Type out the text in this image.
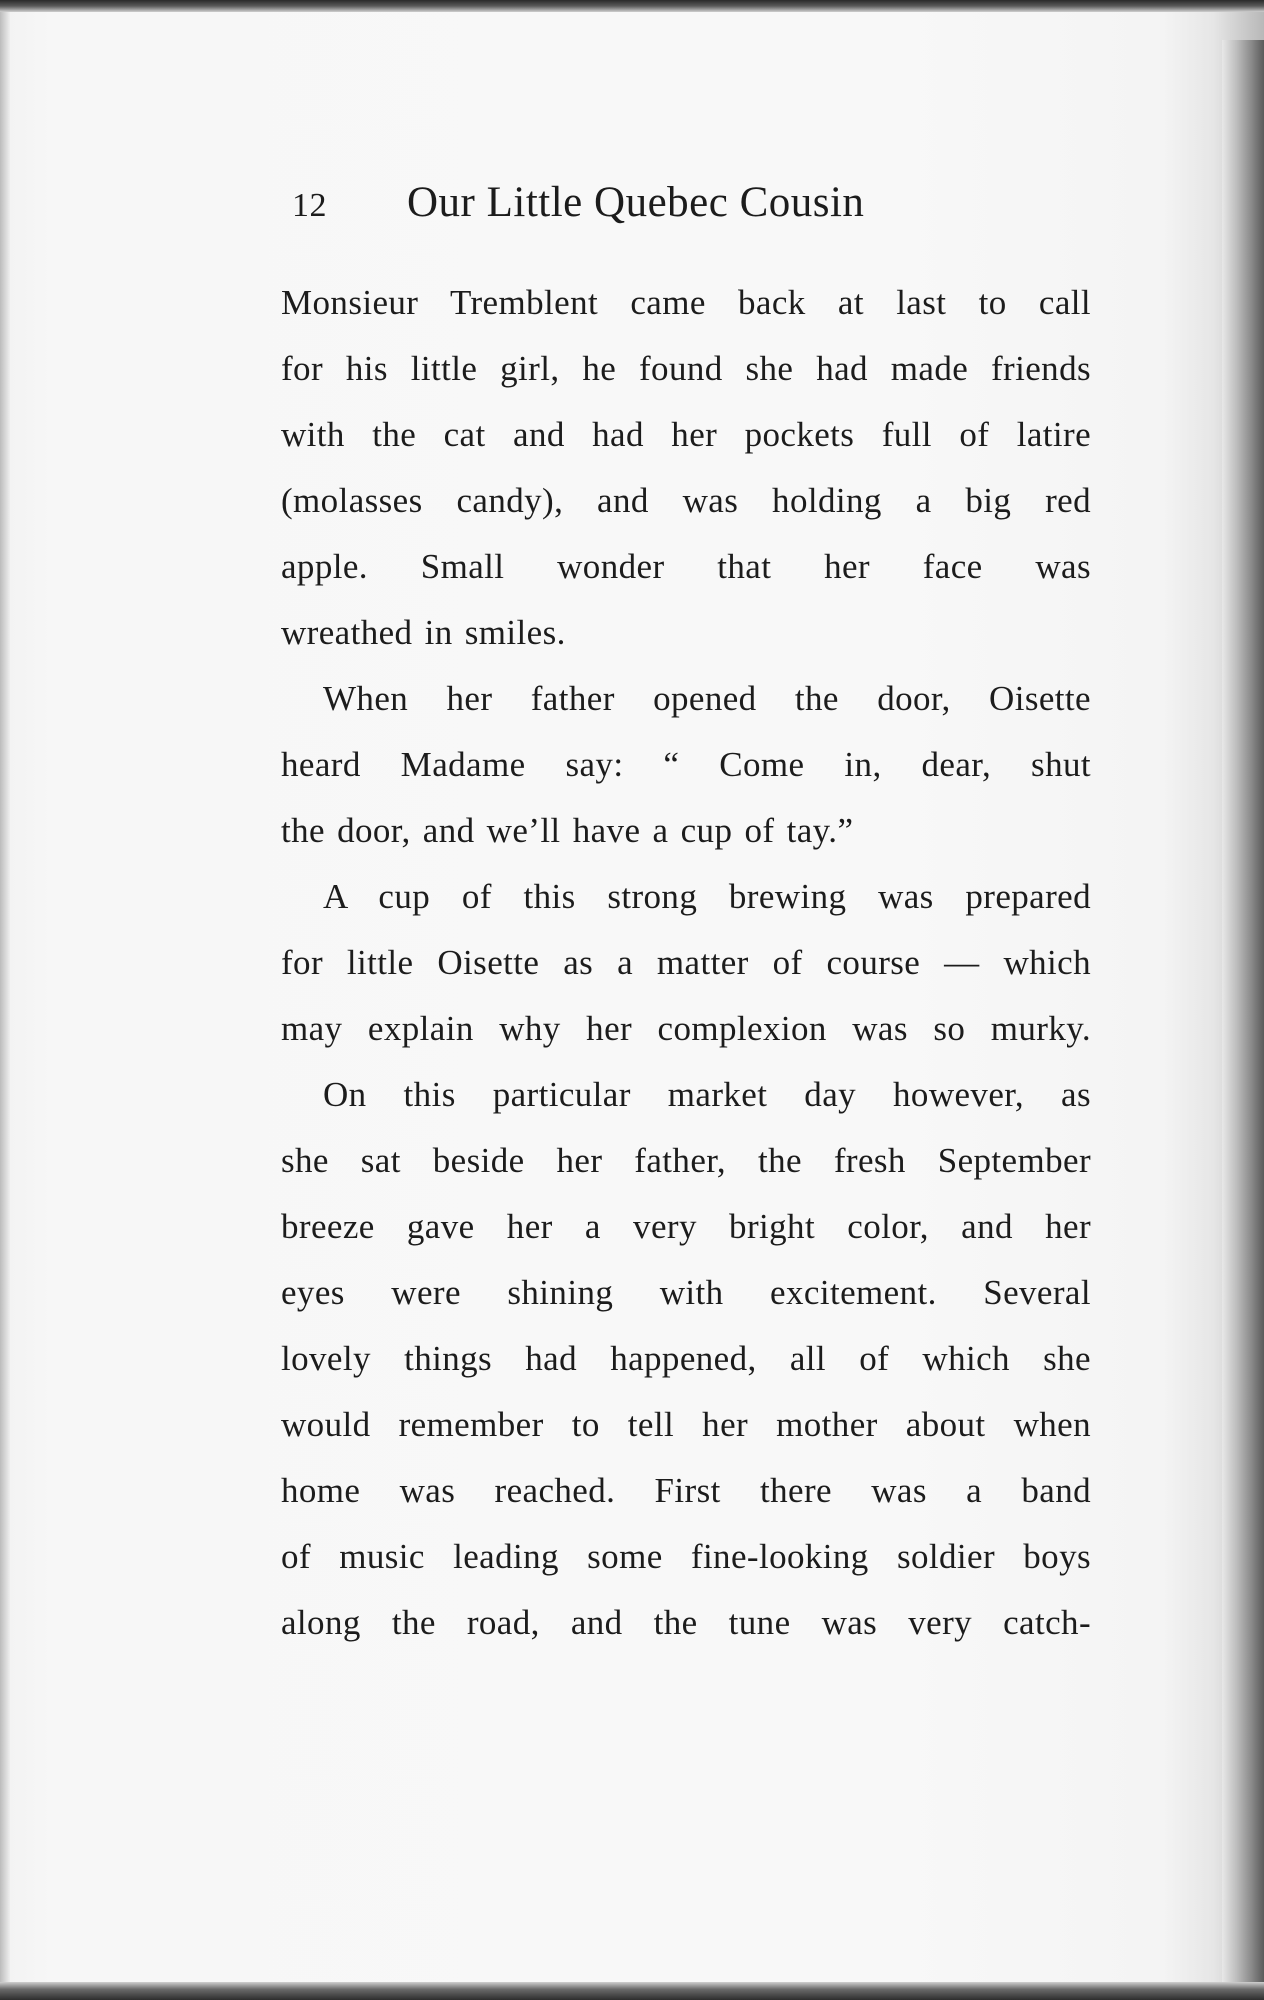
12 Our Little Quebec Cousin
Monsieur Tremblent came back at last to call
for his little girl, he found she had made friends
with the cat and had her pockets full of latire
(molasses candy), and was holding a big red
apple. Small wonder that her face was
wreathed in smiles.
When her father opened the door, Oisette
heard Madame say: “ Come in, dear, shut
the door, and we’ll have a cup of tay.”
A cup of this strong brewing was prepared
for little Oisette as a matter of course — which
may explain why her complexion was so murky.
On this particular market day however, as
she sat beside her father, the fresh September
breeze gave her a very bright color, and her
eyes were shining with excitement. Several
lovely things had happened, all of which she
would remember to tell her mother about when
home was reached. First there was a band
of music leading some fine-looking soldier boys
along the road, and the tune was very catch-
